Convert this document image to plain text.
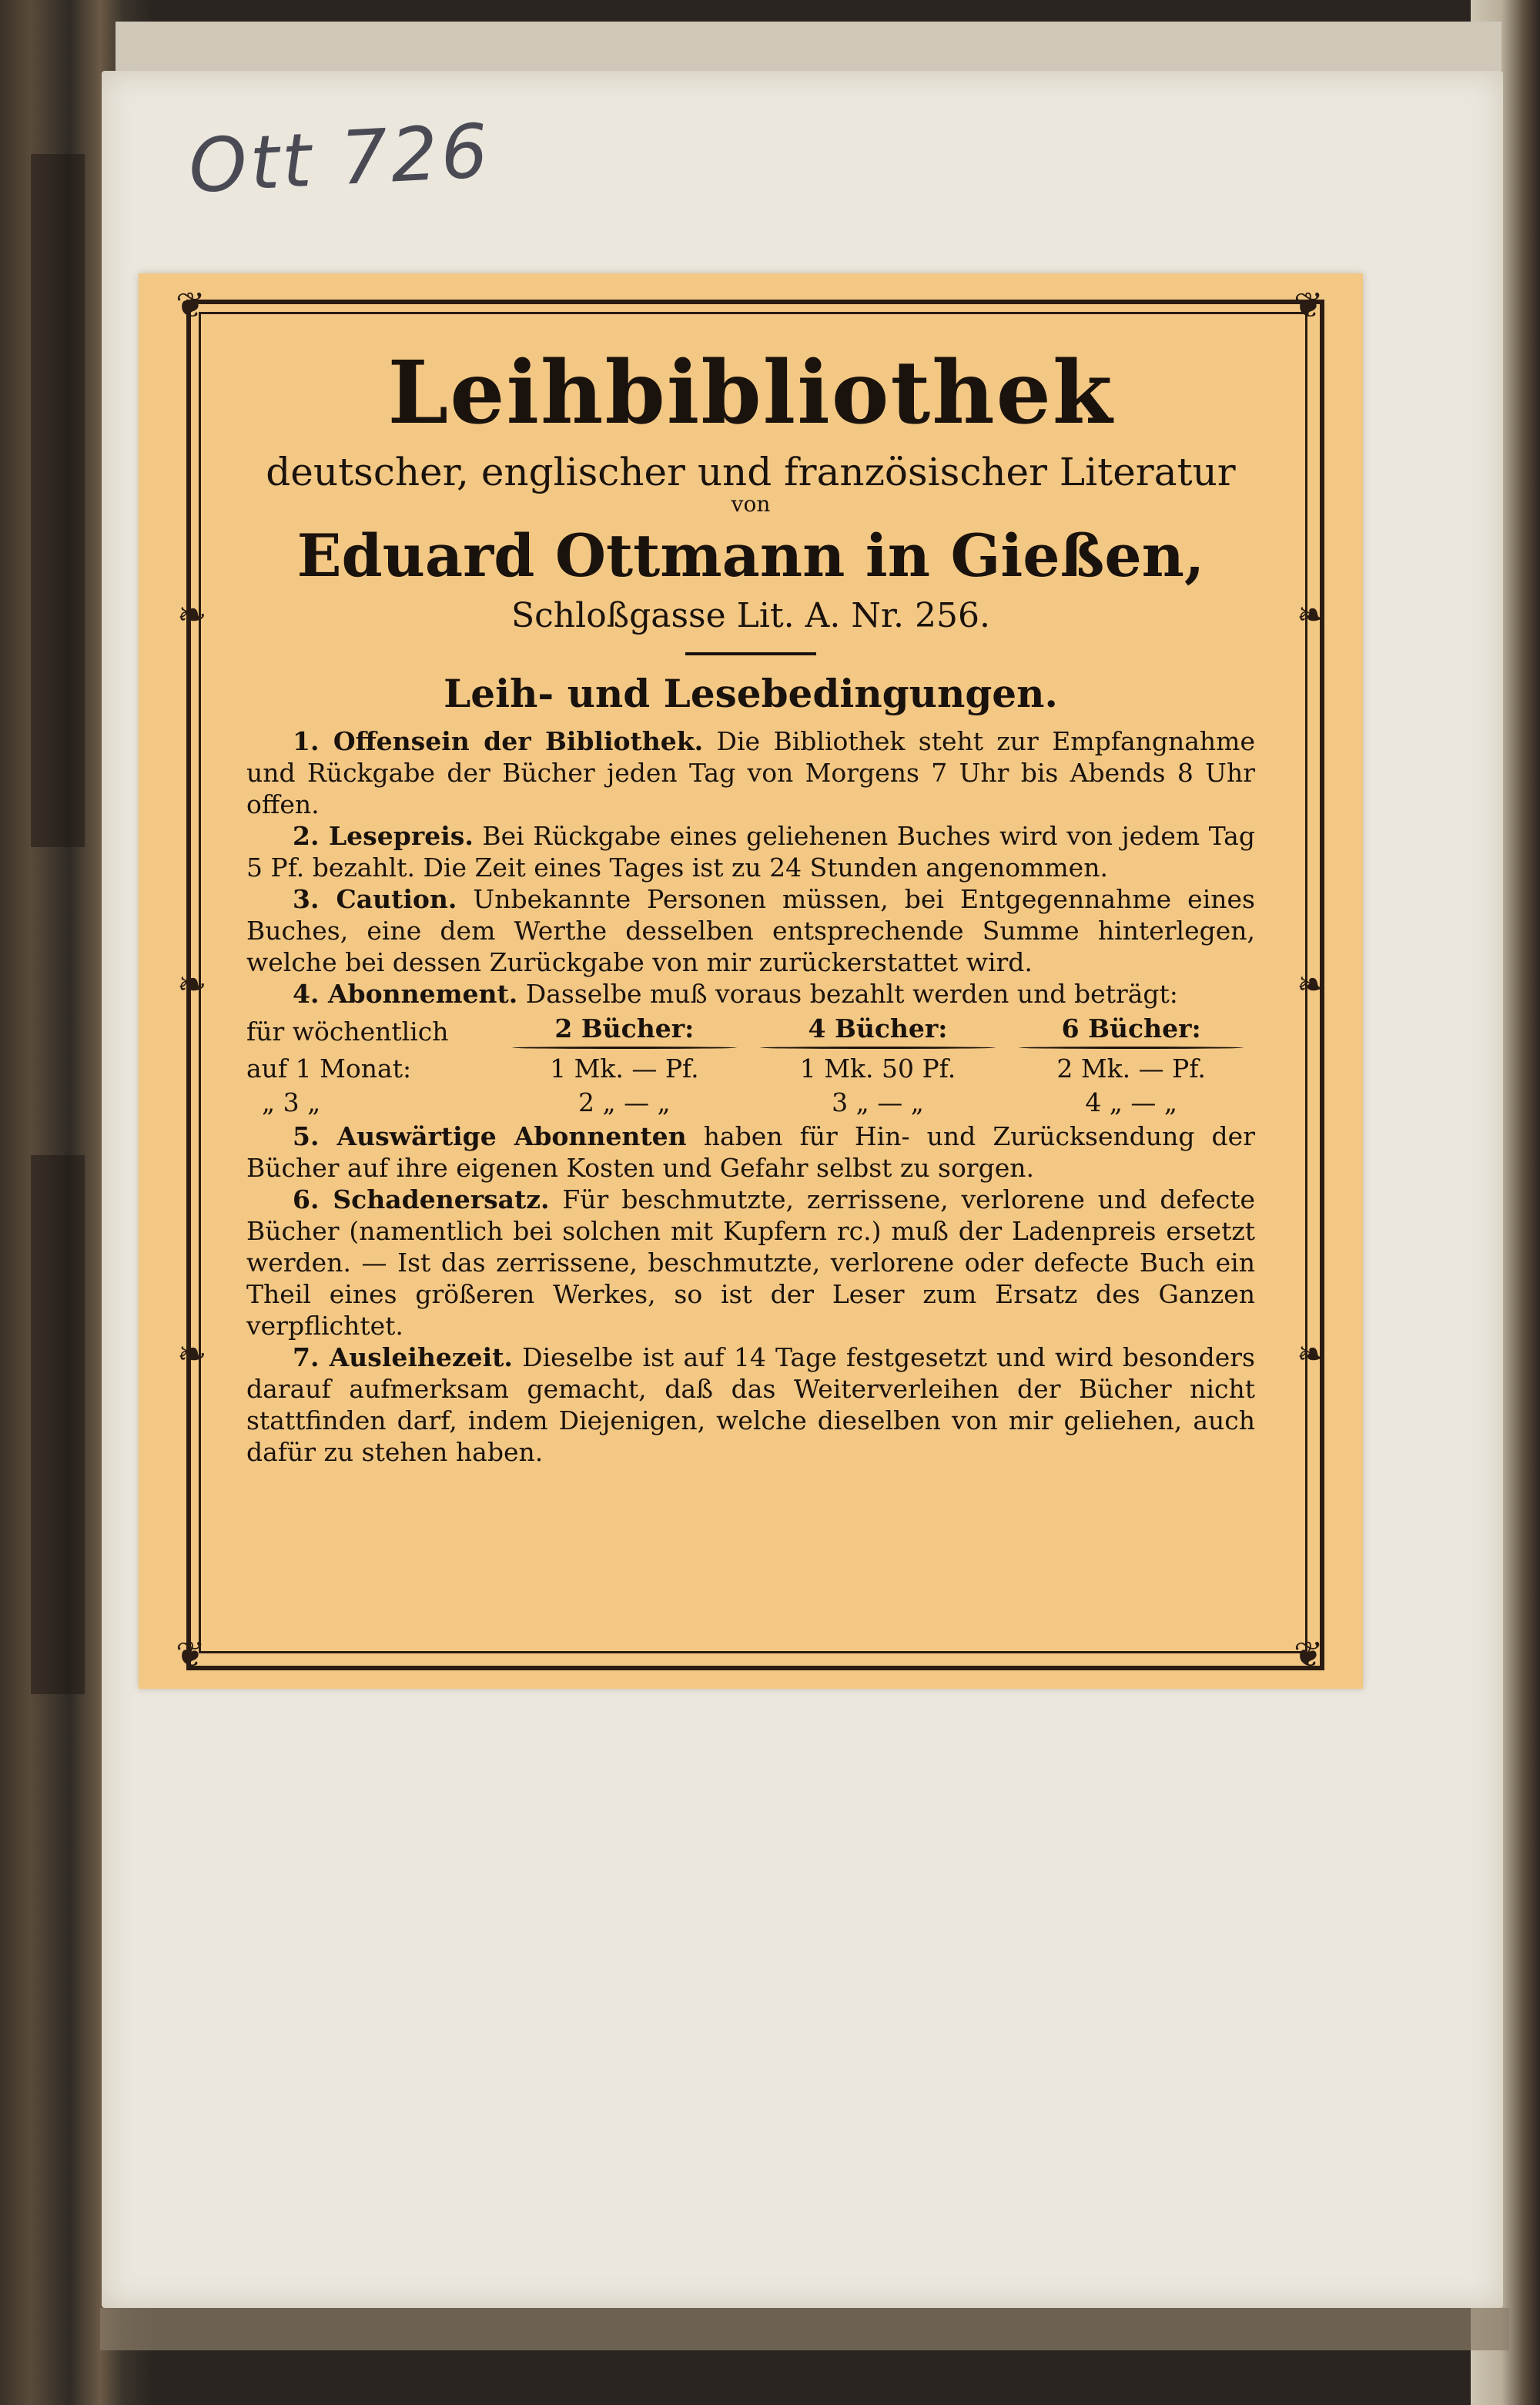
Ott 726
❦	❦
❦	❦
❧
❧
❧
❧
❧
❧
Leihbibliothek
deutscher, englischer und französischer Literatur
von
Eduard Ottmann in Gießen,
Schloßgasse Lit. A. Nr. 256.
Leih- und Lesebedingungen.
1. Offensein der Bibliothek. Die Bibliothek steht zur Empfangnahme und Rückgabe der Bücher jeden Tag von Morgens 7 Uhr bis Abends 8 Uhr offen.
2. Lesepreis. Bei Rückgabe eines geliehenen Buches wird von jedem Tag 5 Pf. bezahlt. Die Zeit eines Tages ist zu 24 Stunden angenommen.
3. Caution. Unbekannte Personen müssen, bei Entgegennahme eines Buches, eine dem Werthe desselben entsprechende Summe hinterlegen, welche bei dessen Zurückgabe von mir zurückerstattet wird.
4. Abonnement. Dasselbe muß voraus bezahlt werden und beträgt:
für wöchentlich	2 Bücher:	4 Bücher:	6 Bücher:

auf 1 Monat:	1 Mk. — Pf.	1 Mk. 50 Pf.	2 Mk. — Pf.
„ 3 „	2 „ — „	3 „ — „	4 „ — „
5. Auswärtige Abonnenten haben für Hin- und Zurücksendung der Bücher auf ihre eigenen Kosten und Gefahr selbst zu sorgen.
6. Schadenersatz. Für beschmutzte, zerrissene, verlorene und defecte Bücher (namentlich bei solchen mit Kupfern rc.) muß der Ladenpreis ersetzt werden. — Ist das zerrissene, beschmutzte, verlorene oder defecte Buch ein Theil eines größeren Werkes, so ist der Leser zum Ersatz des Ganzen verpflichtet.
7. Ausleihezeit. Dieselbe ist auf 14 Tage festgesetzt und wird besonders darauf aufmerksam gemacht, daß das Weiterverleihen der Bücher nicht stattfinden darf, indem Diejenigen, welche dieselben von mir geliehen, auch dafür zu stehen haben.
